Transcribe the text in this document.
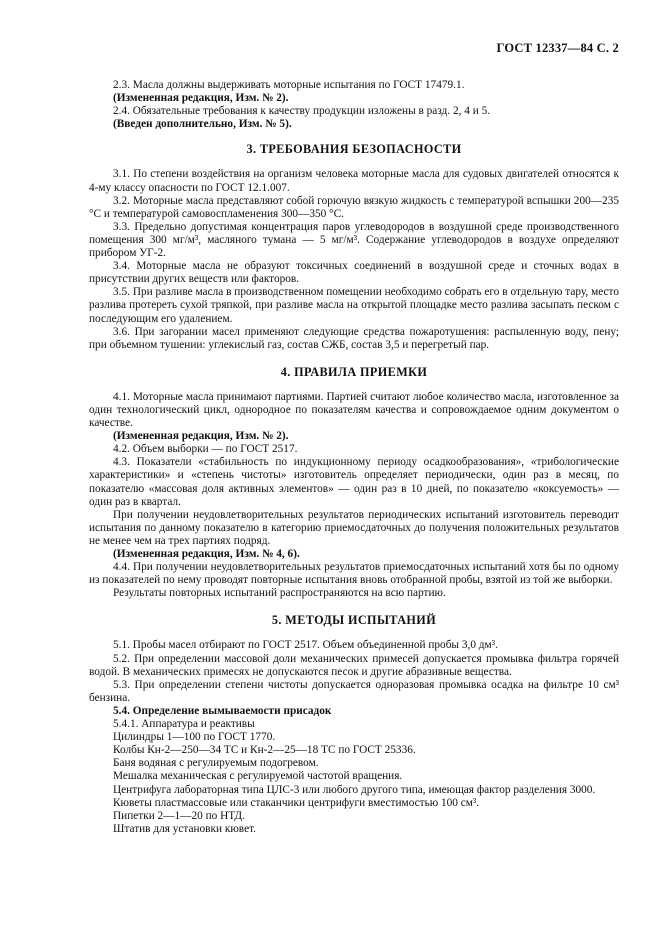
ГОСТ 12337—84 С. 2

2.3. Масла должны выдерживать моторные испытания по ГОСТ 17479.1.

(Измененная редакция, Изм. № 2).

2.4. Обязательные требования к качеству продукции изложены в разд. 2, 4 и 5.

(Введен дополнительно, Изм. № 5).

3. ТРЕБОВАНИЯ БЕЗОПАСНОСТИ

3.1. По степени воздействия на организм человека моторные масла для судовых двигателей относятся к 4-му классу опасности по ГОСТ 12.1.007.

3.2. Моторные масла представляют собой горючую вязкую жидкость с температурой вспышки 200—235 °С и температурой самовоспламенения 300—350 °С.

3.3. Предельно допустимая концентрация паров углеводородов в воздушной среде производственного помещения 300 мг/м³, масляного тумана — 5 мг/м³. Содержание углеводородов в воздухе определяют прибором УГ-2.

3.4. Моторные масла не образуют токсичных соединений в воздушной среде и сточных водах в присутствии других веществ или факторов.

3.5. При разливе масла в производственном помещении необходимо собрать его в отдельную тару, место разлива протереть сухой тряпкой, при разливе масла на открытой площадке место разлива засыпать песком с последующим его удалением.

3.6. При загорании масел применяют следующие средства пожаротушения: распыленную воду, пену; при объемном тушении: углекислый газ, состав СЖБ, состав 3,5 и перегретый пар.

4. ПРАВИЛА ПРИЕМКИ

4.1. Моторные масла принимают партиями. Партией считают любое количество масла, изготовленное за один технологический цикл, однородное по показателям качества и сопровождаемое одним документом о качестве.

(Измененная редакция, Изм. № 2).

4.2. Объем выборки — по ГОСТ 2517.

4.3. Показатели «стабильность по индукционному периоду осадкообразования», «трибологические характеристики» и «степень чистоты» изготовитель определяет периодически, один раз в месяц, по показателю «массовая доля активных элементов» — один раз в 10 дней, по показателю «коксуемость» — один раз в квартал.

При получении неудовлетворительных результатов периодических испытаний изготовитель переводит испытания по данному показателю в категорию приемосдаточных до получения положительных результатов не менее чем на трех партиях подряд.

(Измененная редакция, Изм. № 4, 6).

4.4. При получении неудовлетворительных результатов приемосдаточных испытаний хотя бы по одному из показателей по нему проводят повторные испытания вновь отобранной пробы, взятой из той же выборки.

Результаты повторных испытаний распространяются на всю партию.

5. МЕТОДЫ ИСПЫТАНИЙ

5.1. Пробы масел отбирают по ГОСТ 2517. Объем объединенной пробы 3,0 дм³.

5.2. При определении массовой доли механических примесей допускается промывка фильтра горячей водой. В механических примесях не допускаются песок и другие абразивные вещества.

5.3. При определении степени чистоты допускается одноразовая промывка осадка на фильтре 10 см³ бензина.

5.4. Определение вымываемости присадок

5.4.1. Аппаратура и реактивы

Цилиндры 1—100 по ГОСТ 1770.

Колбы Кн-2—250—34 ТС и Кн-2—25—18 ТС по ГОСТ 25336.

Баня водяная с регулируемым подогревом.

Мешалка механическая с регулируемой частотой вращения.

Центрифуга лабораторная типа ЦЛС-3 или любого другого типа, имеющая фактор разделения 3000.

Кюветы пластмассовые или стаканчики центрифуги вместимостью 100 см³.

Пипетки 2—1—20 по НТД.

Штатив для установки кювет.
